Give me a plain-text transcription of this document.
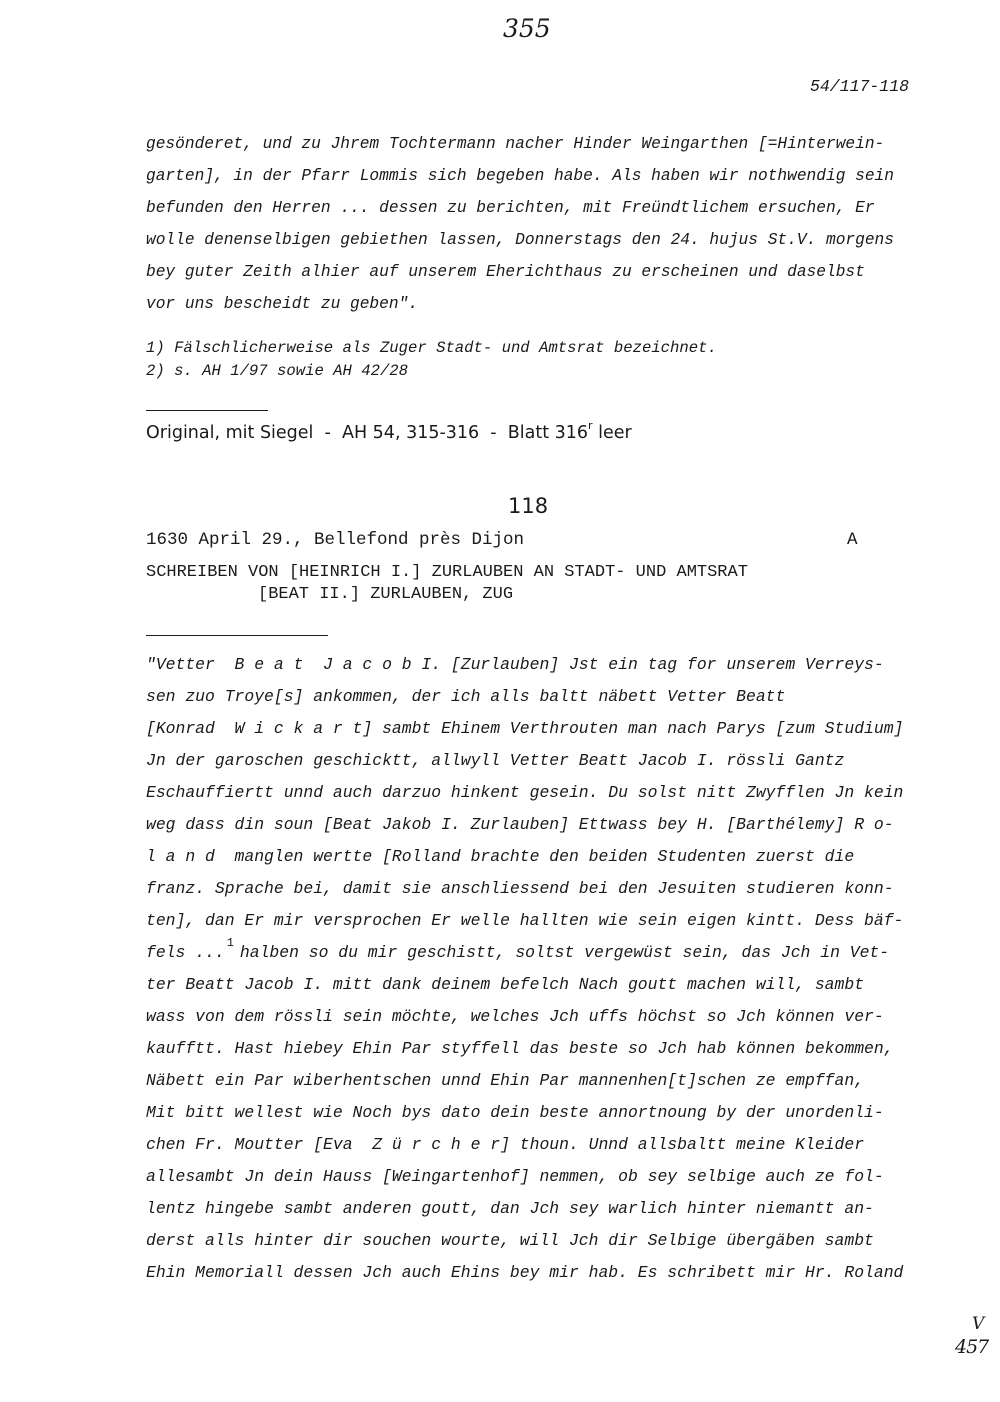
355
54/117-118
gesönderet, und zu Jhrem Tochtermann nacher Hinder Weingarthen [=Hinterwein-
garten], in der Pfarr Lommis sich begeben habe. Als haben wir nothwendig sein
befunden den Herren ... dessen zu berichten, mit Freündtlichem ersuchen, Er
wolle denenselbigen gebiethen lassen, Donnerstags den 24. hujus St.V. morgens
bey guter Zeith alhier auf unserem Eherichthaus zu erscheinen und daselbst
vor uns bescheidt zu geben".
1) Fälschlicherweise als Zuger Stadt- und Amtsrat bezeichnet.
2) s. AH 1/97 sowie AH 42/28
Original, mit Siegel  -  AH 54, 315-316  -  Blatt 316$^r$ leer
118
1630 April 29., Bellefond près Dijon	A
SCHREIBEN VON [HEINRICH I.] ZURLAUBEN AN STADT- UND AMTSRAT
[BEAT II.] ZURLAUBEN, ZUG
"Vetter  B e a t  J a c o b I. [Zurlauben] Jst ein tag for unserem Verreys-
sen zuo Troye[s] ankommen, der ich alls baltt näbett Vetter Beatt
[Konrad  W i c k a r t] sambt Ehinem Verthrouten man nach Parys [zum Studium]
Jn der garoschen geschicktt, allwyll Vetter Beatt Jacob I. rössli Gantz
Eschauffiertt unnd auch darzuo hinkent gesein. Du solst nitt Zwyfflen Jn kein
weg dass din soun [Beat Jakob I. Zurlauben] Ettwass bey H. [Barthélemy] R o-
l a n d  manglen wertte [Rolland brachte den beiden Studenten zuerst die
franz. Sprache bei, damit sie anschliessend bei den Jesuiten studieren konn-
ten], dan Er mir versprochen Er welle hallten wie sein eigen kintt. Dess bäf-
fels ... $^1$ halben so du mir geschistt, soltst vergewüst sein, das Jch in Vet-
ter Beatt Jacob I. mitt dank deinem befelch Nach goutt machen will, sambt
wass von dem rössli sein möchte, welches Jch uffs höchst so Jch können ver-
kaufftt. Hast hiebey Ehin Par styffell das beste so Jch hab können bekommen,
Näbett ein Par wiberhentschen unnd Ehin Par mannenhen[t]schen ze empffan,
Mit bitt wellest wie Noch bys dato dein beste annortnoung by der unordenli-
chen Fr. Moutter [Eva  Z ü r c h e r] thoun. Unnd allsbaltt meine Kleider
allesambt Jn dein Hauss [Weingartenhof] nemmen, ob sey selbige auch ze fol-
lentz hingebe sambt anderen goutt, dan Jch sey warlich hinter niemantt an-
derst alls hinter dir souchen wourte, will Jch dir Selbige übergäben sambt
Ehin Memoriall dessen Jch auch Ehins bey mir hab. Es schribett mir Hr. Roland
V
457
